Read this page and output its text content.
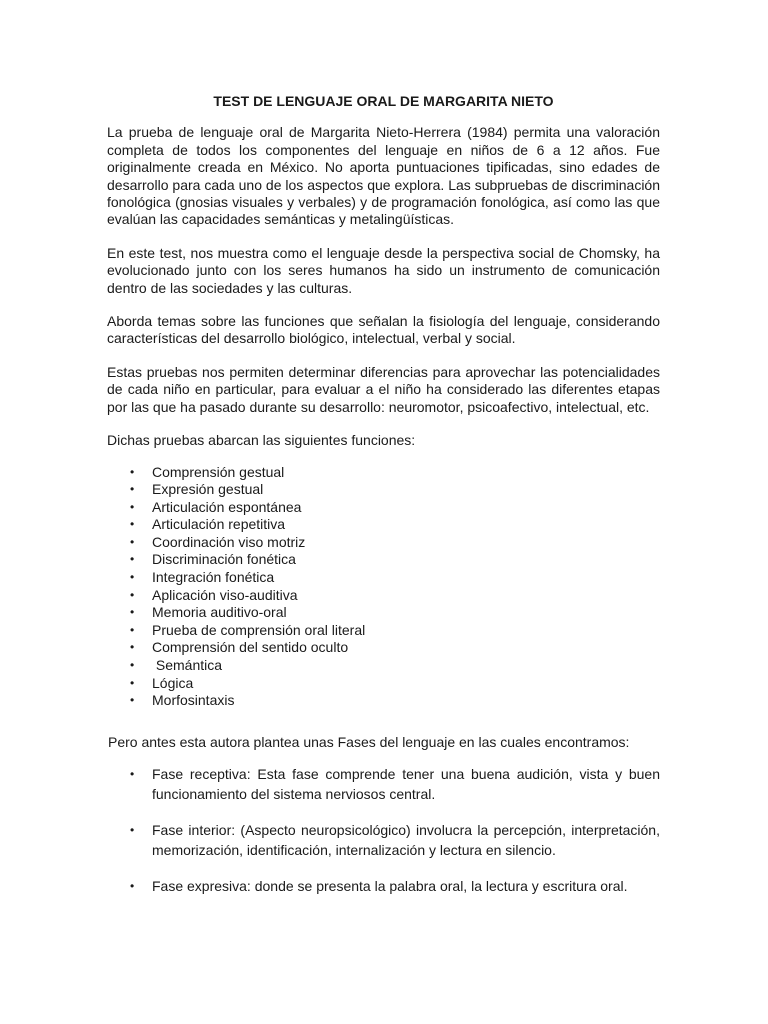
TEST DE LENGUAJE ORAL DE MARGARITA NIETO

La prueba de lenguaje oral de Margarita Nieto-Herrera (1984) permita una valoración completa de todos los componentes del lenguaje en niños de 6 a 12 años. Fue originalmente creada en México. No aporta puntuaciones tipificadas, sino edades de desarrollo para cada uno de los aspectos que explora. Las subpruebas de discriminación fonológica (gnosias visuales y verbales) y de programación fonológica, así como las que evalúan las capacidades semánticas y metalingüísticas.

En este test, nos muestra como el lenguaje desde la perspectiva social de Chomsky, ha evolucionado junto con los seres humanos ha sido un instrumento de comunicación dentro de las sociedades y las culturas.

Aborda temas sobre las funciones que señalan la fisiología del lenguaje, considerando características del desarrollo biológico, intelectual, verbal y social.

Estas pruebas nos permiten determinar diferencias para aprovechar las potencialidades de cada niño en particular, para evaluar a el niño ha considerado las diferentes etapas por las que ha pasado durante su desarrollo: neuromotor, psicoafectivo, intelectual, etc.

Dichas pruebas abarcan las siguientes funciones:

• Comprensión gestual
• Expresión gestual
• Articulación espontánea
• Articulación repetitiva
• Coordinación viso motriz
• Discriminación fonética
• Integración fonética
• Aplicación viso-auditiva
• Memoria auditivo-oral
• Prueba de comprensión oral literal
• Comprensión del sentido oculto
• Semántica
• Lógica
• Morfosintaxis

Pero antes esta autora plantea unas Fases del lenguaje en las cuales encontramos:

• Fase receptiva: Esta fase comprende tener una buena audición, vista y buen funcionamiento del sistema nerviosos central.
• Fase interior: (Aspecto neuropsicológico) involucra la percepción, interpretación, memorización, identificación, internalización y lectura en silencio.
• Fase expresiva: donde se presenta la palabra oral, la lectura y escritura oral.
